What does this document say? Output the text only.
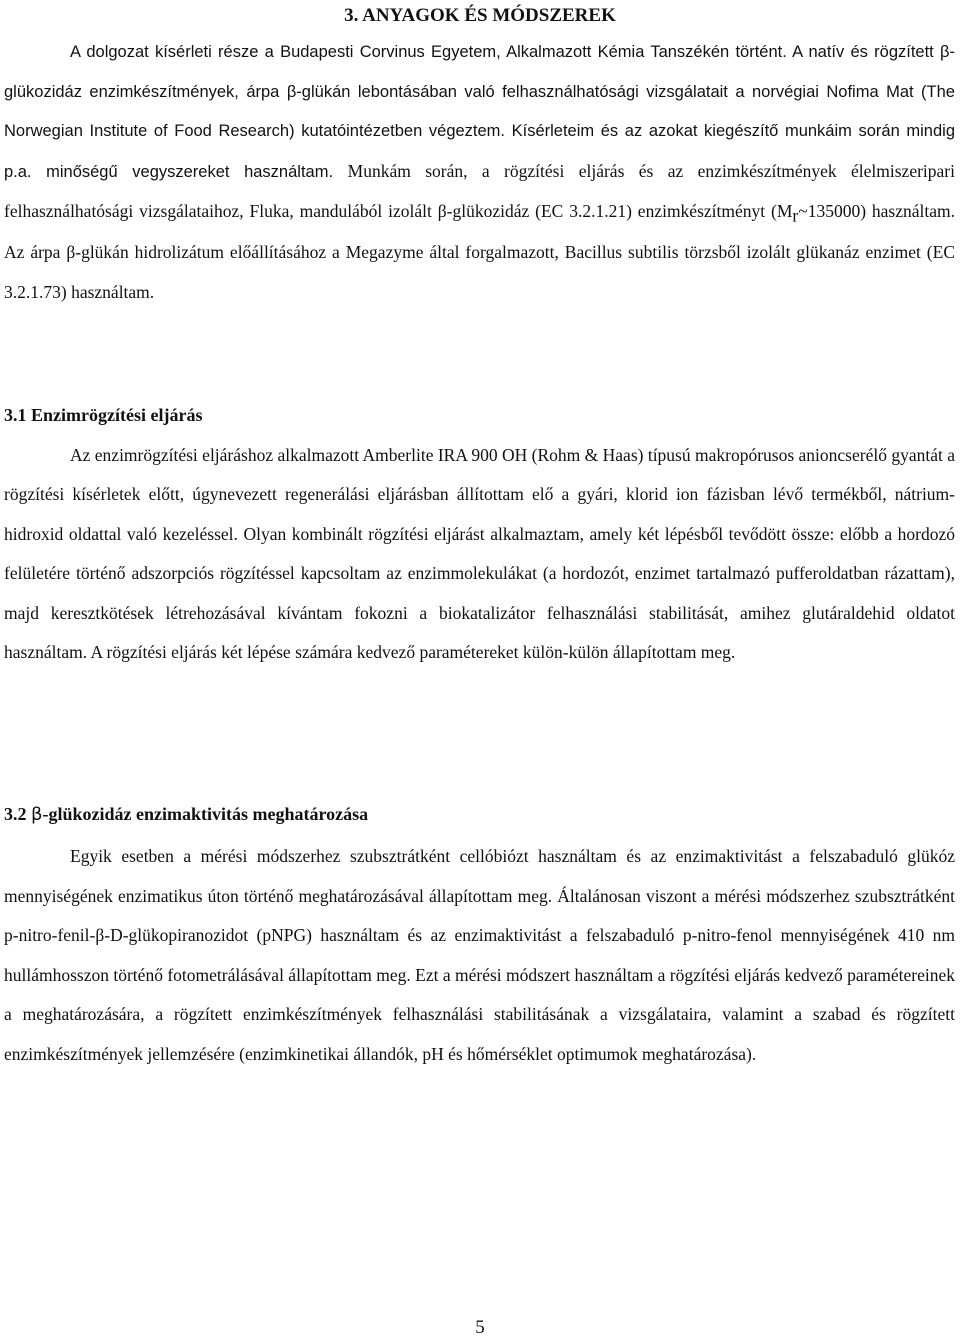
3. ANYAGOK ÉS MÓDSZEREK

A dolgozat kísérleti része a Budapesti Corvinus Egyetem, Alkalmazott Kémia Tanszékén történt. A natív és rögzített β-glükozidáz enzimkészítmények, árpa β-glükán lebontásában való felhasználhatósági vizsgálatait a norvégiai Nofima Mat (The Norwegian Institute of Food Research) kutatóintézetben végeztem. Kísérleteim és az azokat kiegészítő munkáim során mindig p.a. minőségű vegyszereket használtam. Munkám során, a rögzítési eljárás és az enzimkészítmények élelmiszeripari felhasználhatósági vizsgálataihoz, Fluka, mandulából izolált β-glükozidáz (EC 3.2.1.21) enzimkészítményt $(M_r\sim 135000)$ használtam. Az árpa β-glükán hidrolizátum előállításához a Megazyme által forgalmazott, Bacillus subtilis törzsből izolált glükanáz enzimet (EC 3.2.1.73) használtam.

3.1 Enzimrögzítési eljárás

Az enzimrögzítési eljáráshoz alkalmazott Amberlite IRA 900 OH (Rohm & Haas) típusú makropórusos anioncserélő gyantát a rögzítési kísérletek előtt, úgynevezett regenerálási eljárásban állítottam elő a gyári, klorid ion fázisban lévő termékből, nátrium-hidroxid oldattal való kezeléssel. Olyan kombinált rögzítési eljárást alkalmaztam, amely két lépésből tevődött össze: előbb a hordozó felületére történő adszorpciós rögzítéssel kapcsoltam az enzimmolekulákat (a hordozót, enzimet tartalmazó pufferoldatban rázattam), majd keresztkötések létrehozásával kívántam fokozni a biokatalizátor felhasználási stabilitását, amihez glutáraldehid oldatot használtam. A rögzítési eljárás két lépése számára kedvező paramétereket külön-külön állapítottam meg.

3.2 β-glükozidáz enzimaktivitás meghatározása

Egyik esetben a mérési módszerhez szubsztrátként cellóbiózt használtam és az enzimaktivitást a felszabaduló glükóz mennyiségének enzimatikus úton történő meghatározásával állapítottam meg. Általánosan viszont a mérési módszerhez szubsztrátként p-nitro-fenil-β-D-glükopiranozidot (pNPG) használtam és az enzimaktivitást a felszabaduló p-nitro-fenol mennyiségének 410 nm hullámhosszon történő fotometrálásával állapítottam meg. Ezt a mérési módszert használtam a rögzítési eljárás kedvező paramétereinek a meghatározására, a rögzített enzimkészítmények felhasználási stabilitásának a vizsgálataira, valamint a szabad és rögzített enzimkészítmények jellemzésére (enzimkinetikai állandók, pH és hőmérséklet optimumok meghatározása).

5
